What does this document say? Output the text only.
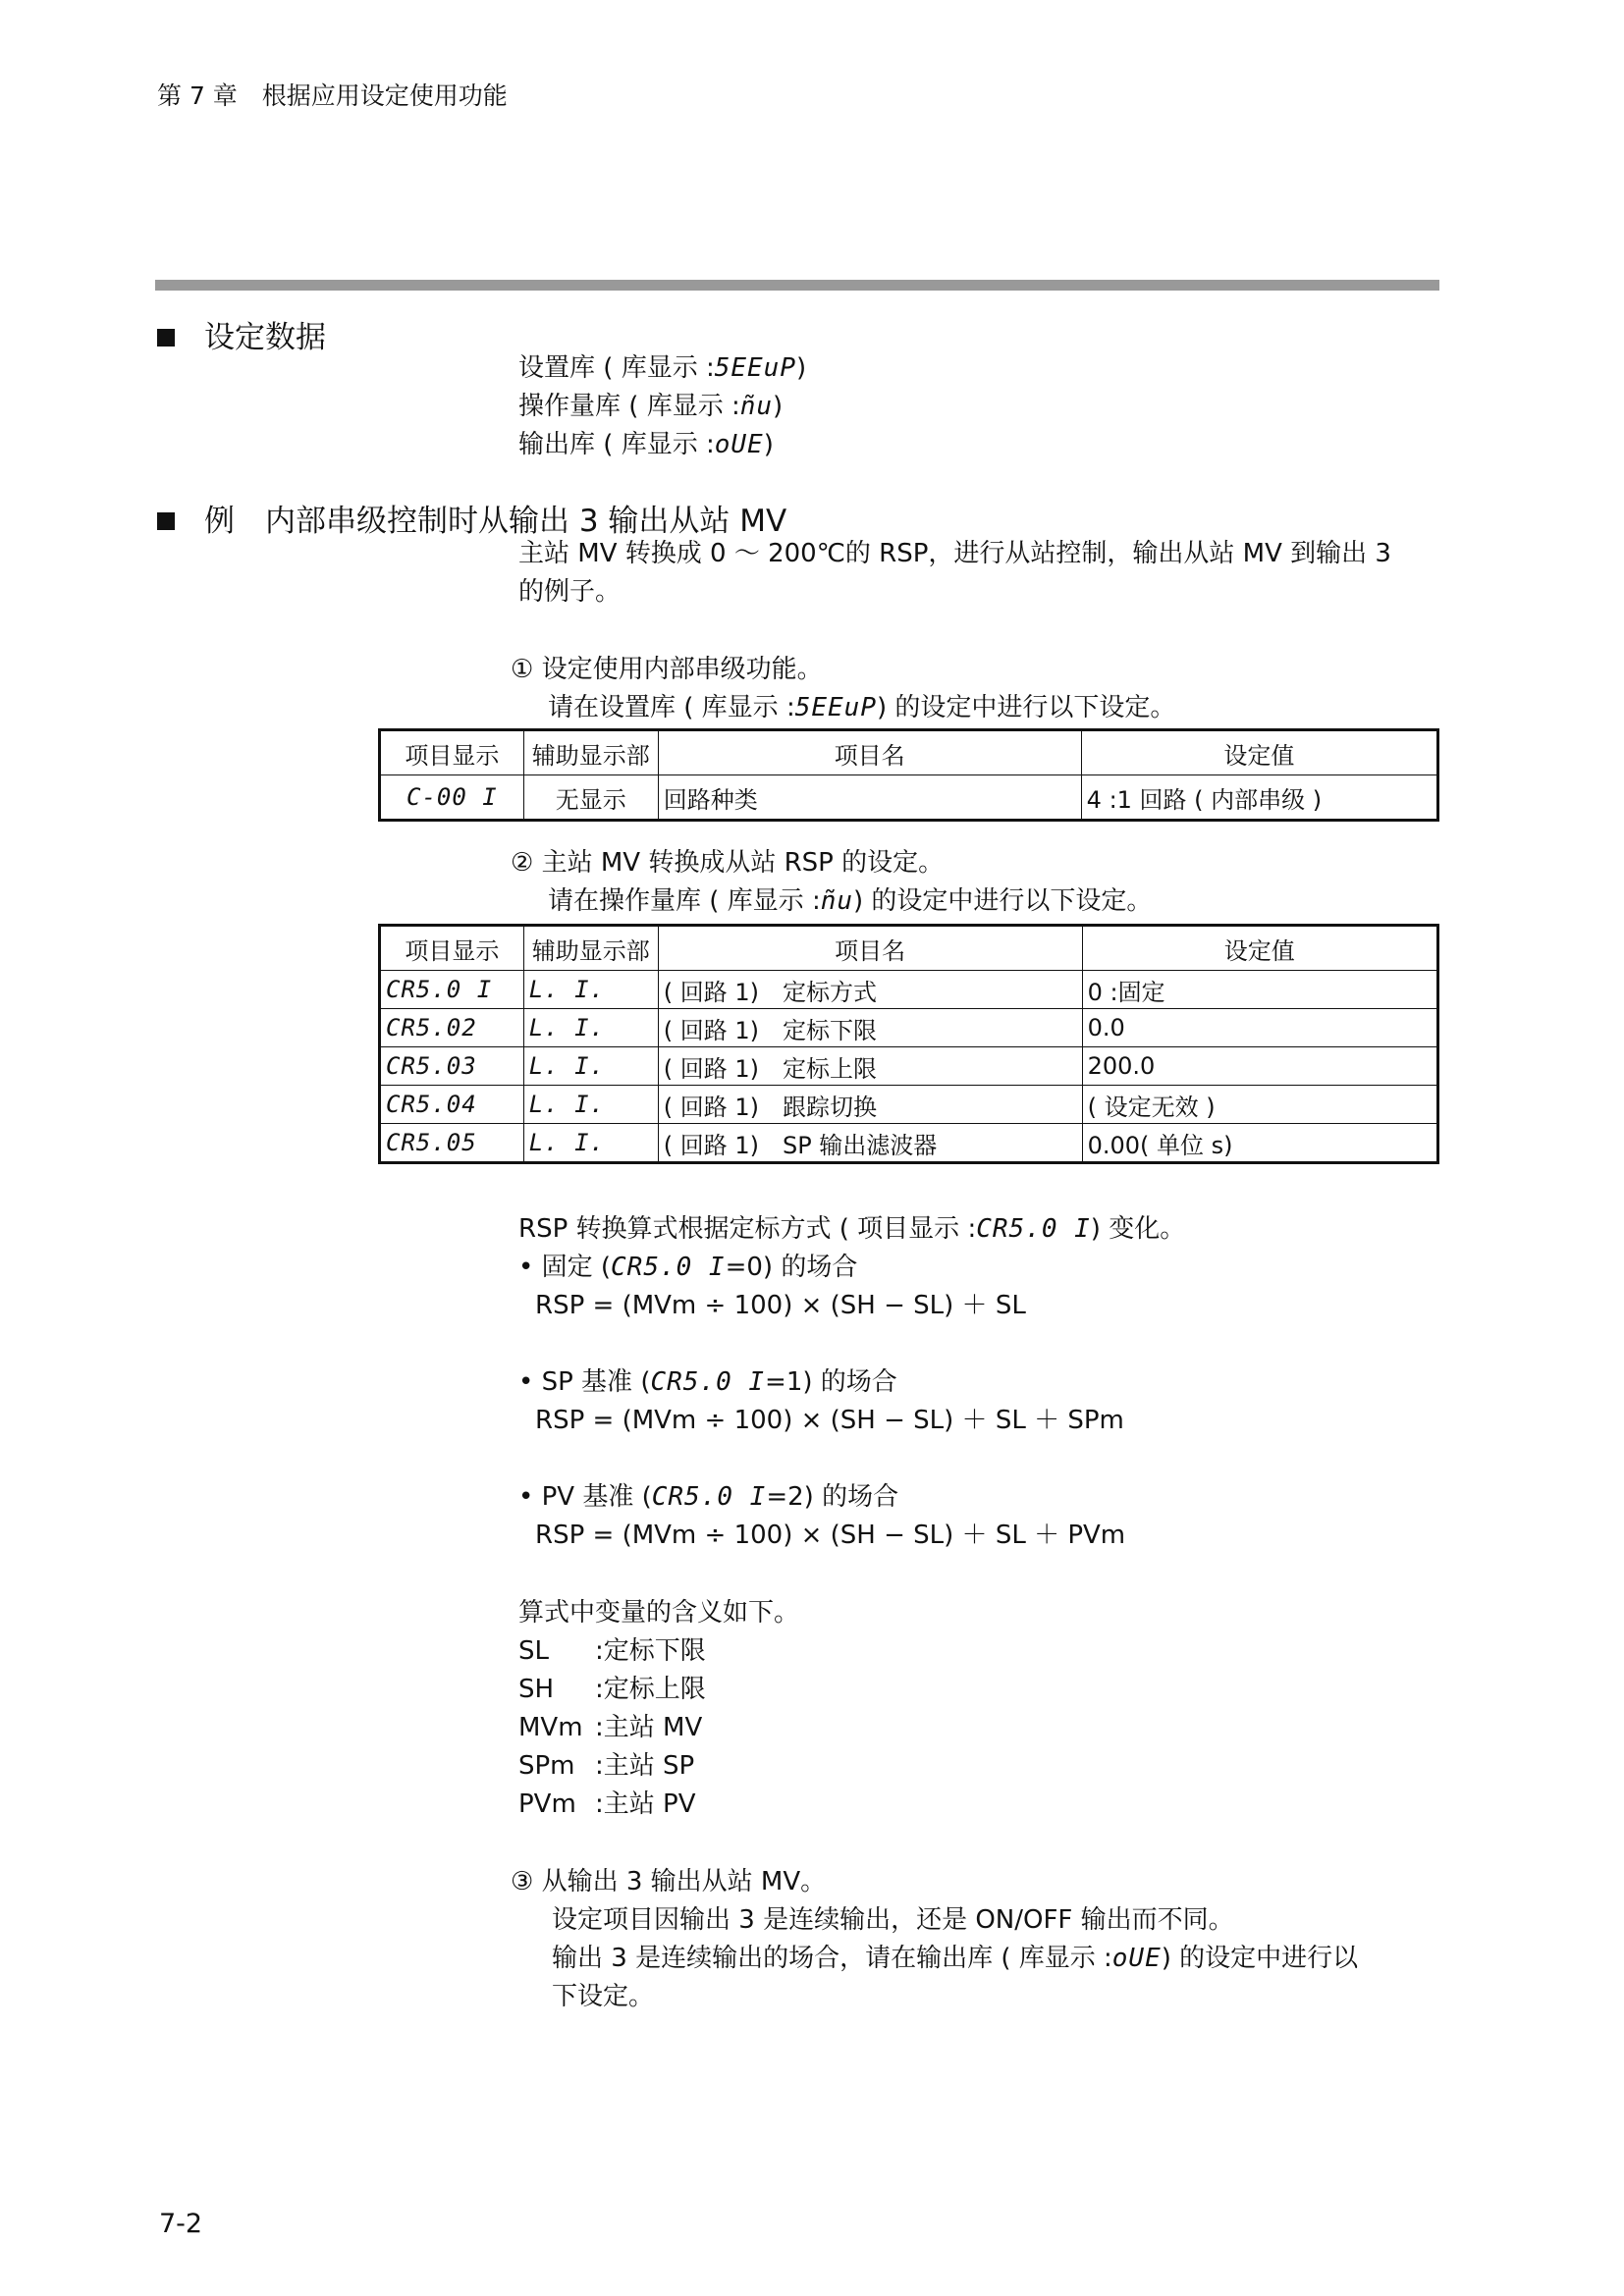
第 7 章　根据应用设定使用功能
设定数据
设置库 ( 库显示 :5EEuP)
操作量库 ( 库显示 :ñu)
输出库 ( 库显示 :oUE)
例　内部串级控制时从输出 3 输出从站 MV
主站 MV 转换成 0 ～ 200℃的 RSP，进行从站控制，输出从站 MV 到输出 3
的例子。
① 设定使用内部串级功能。
请在设置库 ( 库显示 :5EEuP) 的设定中进行以下设定。
项目显示	辅助显示部	项目名	设定值
C-00 I	无显示	回路种类	4 :1 回路 ( 内部串级 )
② 主站 MV 转换成从站 RSP 的设定。
请在操作量库 ( 库显示 :ñu) 的设定中进行以下设定。
项目显示	辅助显示部	项目名	设定值
CR5.0 I	L. I.	( 回路 1)　定标方式	0 :固定
CR5.02	L. I.	( 回路 1)　定标下限	0.0
CR5.03	L. I.	( 回路 1)　定标上限	200.0
CR5.04	L. I.	( 回路 1)　跟踪切换	( 设定无效 )
CR5.05	L. I.	( 回路 1)　SP 输出滤波器	0.00( 单位 s)
RSP 转换算式根据定标方式 ( 项目显示 :CR5.0 I) 变化。
• 固定 (CR5.0 I=0) 的场合
RSP = (MVm ÷ 100) × (SH − SL) ＋ SL
• SP 基准 (CR5.0 I=1) 的场合
RSP = (MVm ÷ 100) × (SH − SL) ＋ SL ＋ SPm
• PV 基准 (CR5.0 I=2) 的场合
RSP = (MVm ÷ 100) × (SH − SL) ＋ SL ＋ PVm
算式中变量的含义如下。
SL :定标下限
SH :定标上限
MVm :主站 MV
SPm :主站 SP
PVm :主站 PV
③ 从输出 3 输出从站 MV。
设定项目因输出 3 是连续输出，还是 ON/OFF 输出而不同。
输出 3 是连续输出的场合，请在输出库 ( 库显示 :oUE) 的设定中进行以
下设定。
7-2
